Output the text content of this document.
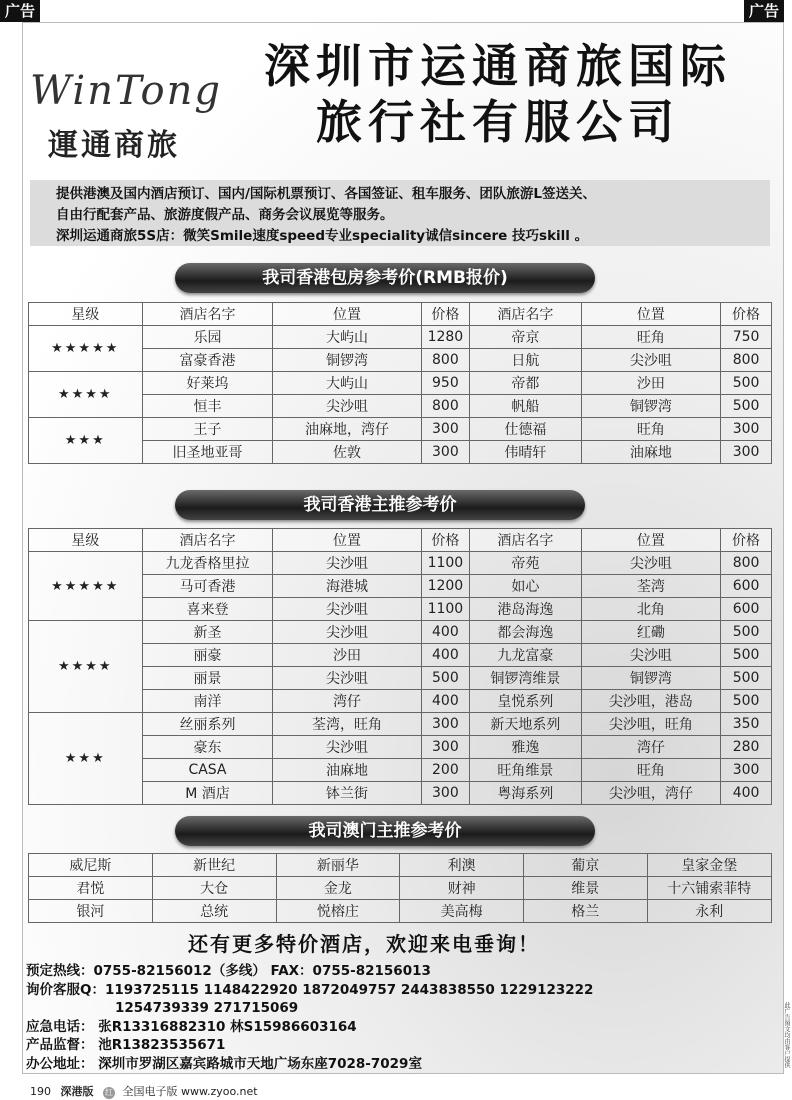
广告	广告
WinTong
運通商旅
深圳市运通商旅国际
旅行社有服公司
提供港澳及国内酒店预订、国内/国际机票预订、各国签证、租车服务、团队旅游L签送关、
自由行配套产品、旅游度假产品、商务会议展览等服务。
深圳运通商旅5S店：微笑Smile速度speed专业speciality诚信sincere 技巧skill 。
我司香港包房参考价(RMB报价)
星级	酒店名字	位置	价格	酒店名字	位置	价格
★★★★★	乐园	大屿山	1280	帝京	旺角	750
	富豪香港	铜锣湾	800	日航	尖沙咀	800
★★★★	好莱坞	大屿山	950	帝都	沙田	500
	恒丰	尖沙咀	800	帆船	铜锣湾	500
★★★	王子	油麻地，湾仔	300	仕德福	旺角	300
	旧圣地亚哥	佐敦	300	伟晴轩	油麻地	300
我司香港主推参考价
星级	酒店名字	位置	价格	酒店名字	位置	价格
★★★★★	九龙香格里拉	尖沙咀	1100	帝苑	尖沙咀	800
	马可香港	海港城	1200	如心	荃湾	600
	喜来登	尖沙咀	1100	港岛海逸	北角	600
★★★★	新圣	尖沙咀	400	都会海逸	红磡	500
	丽豪	沙田	400	九龙富豪	尖沙咀	500
	丽景	尖沙咀	500	铜锣湾维景	铜锣湾	500
	南洋	湾仔	400	皇悦系列	尖沙咀，港岛	500
★★★	丝丽系列	荃湾，旺角	300	新天地系列	尖沙咀，旺角	350
	豪东	尖沙咀	300	雅逸	湾仔	280
	CASA	油麻地	200	旺角维景	旺角	300
	M 酒店	钵兰街	300	粤海系列	尖沙咀，湾仔	400
我司澳门主推参考价
威尼斯	新世纪	新丽华	利澳	葡京	皇家金堡
君悦	大仓	金龙	财神	维景	十六铺索菲特
银河	总统	悦榕庄	美高梅	格兰	永利
还有更多特价酒店，欢迎来电垂询！
预定热线：0755-82156012（多线） FAX：0755-82156013
询价客服Q：1193725115 1148422920 1872049757 2443838550 1229123222
1254739339 271715069
应急电话： 张R13316882310 林S15986603164
产品监督： 池R13823535671
办公地址： 深圳市罗湖区嘉宾路城市天地广场东座7028-7029室
190 深港版 红 全国电子版 www.zyoo.net
此广告图文均由客户提供
